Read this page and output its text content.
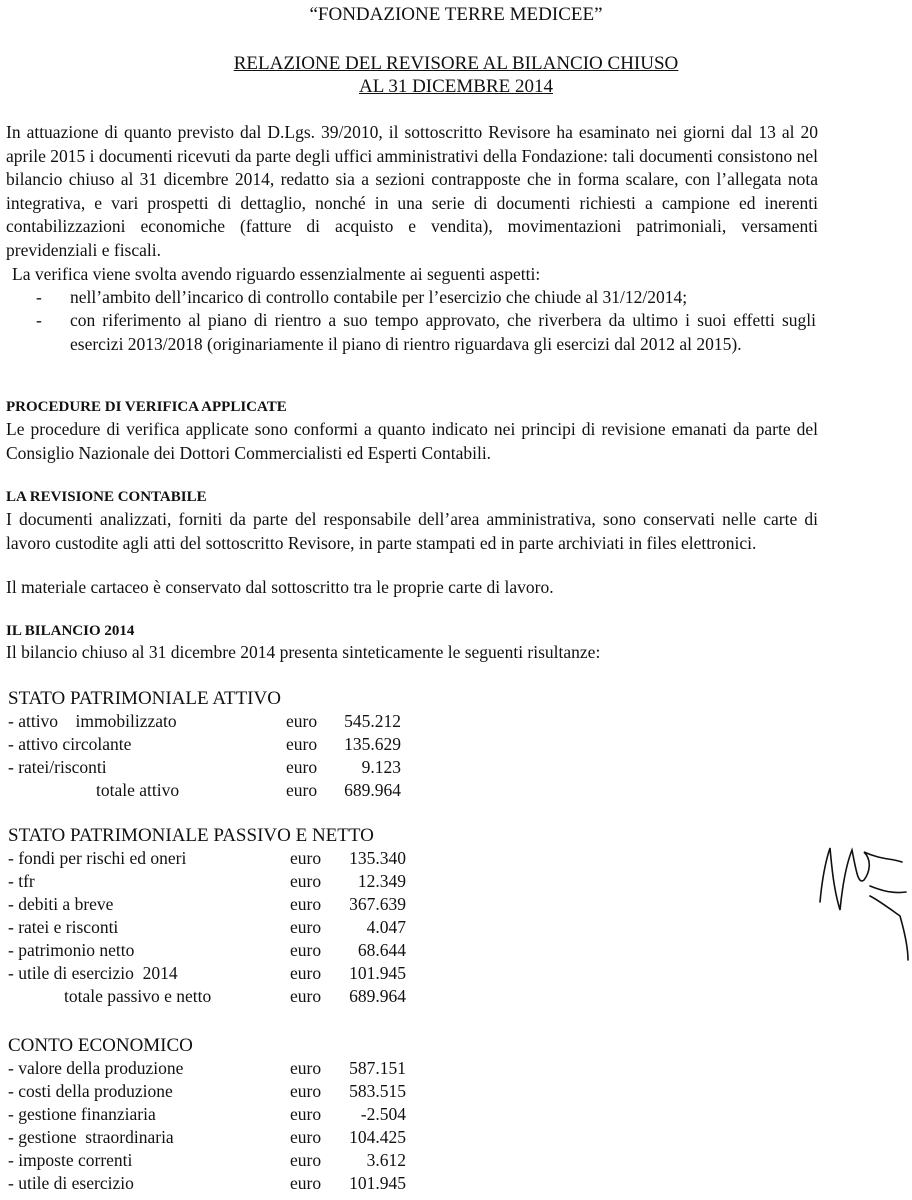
“FONDAZIONE TERRE MEDICEE”
RELAZIONE DEL REVISORE AL BILANCIO CHIUSO
AL 31 DICEMBRE 2014
In attuazione di quanto previsto dal D.Lgs. 39/2010, il sottoscritto Revisore ha esaminato nei giorni dal 13 al 20 aprile 2015 i documenti ricevuti da parte degli uffici amministrativi della Fondazione: tali documenti consistono nel bilancio chiuso al 31 dicembre 2014, redatto sia a sezioni contrapposte che in forma scalare, con l’allegata nota integrativa, e vari prospetti di dettaglio, nonché in una serie di documenti richiesti a campione ed inerenti contabilizzazioni economiche (fatture di acquisto e vendita), movimentazioni patrimoniali, versamenti previdenziali e fiscali.
La verifica viene svolta avendo riguardo essenzialmente ai seguenti aspetti:
- nell’ambito dell’incarico di controllo contabile per l’esercizio che chiude al 31/12/2014;
- con riferimento al piano di rientro a suo tempo approvato, che riverbera da ultimo i suoi effetti sugli esercizi 2013/2018 (originariamente il piano di rientro riguardava gli esercizi dal 2012 al 2015).
PROCEDURE DI VERIFICA APPLICATE
Le procedure di verifica applicate sono conformi a quanto indicato nei principi di revisione emanati da parte del Consiglio Nazionale dei Dottori Commercialisti ed Esperti Contabili.
LA REVISIONE CONTABILE
I documenti analizzati, forniti da parte del responsabile dell’area amministrativa, sono conservati nelle carte di lavoro custodite agli atti del sottoscritto Revisore, in parte stampati ed in parte archiviati in files elettronici.
Il materiale cartaceo è conservato dal sottoscritto tra le proprie carte di lavoro.
IL BILANCIO 2014
Il bilancio chiuso al 31 dicembre 2014 presenta sinteticamente le seguenti risultanze:
STATO PATRIMONIALE ATTIVO
- attivo    immobilizzato	euro	545.212
- attivo circolante	euro	135.629
- ratei/risconti	euro	9.123
totale attivo	euro	689.964
STATO PATRIMONIALE PASSIVO E NETTO
- fondi per rischi ed oneri	euro	135.340
- tfr	euro	12.349
- debiti a breve	euro	367.639
- ratei e risconti	euro	4.047
- patrimonio netto	euro	68.644
- utile di esercizio  2014	euro	101.945
totale passivo e netto	euro	689.964
CONTO ECONOMICO
- valore della produzione	euro	587.151
- costi della produzione	euro	583.515
- gestione finanziaria	euro	-2.504
- gestione  straordinaria	euro	104.425
- imposte correnti	euro	3.612
- utile di esercizio	euro	101.945
